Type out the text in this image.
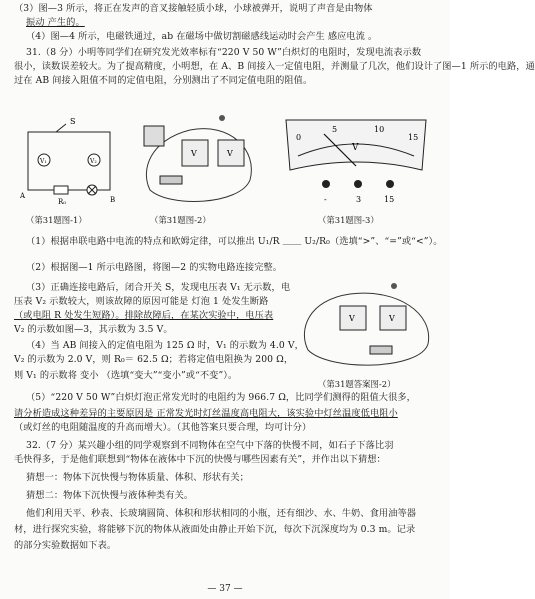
（3）图—3 所示，将正在发声的音叉接触轻质小球，小球被弹开，说明了声音是由物体
振动 产生的。
（4）图—4 所示，电磁铁通过，ab 在磁场中做切割磁感线运动时会产生 感应电流 。
31.（8 分）小明等同学们在研究发光效率标有“220 V 50 W”白炽灯的电阻时，发现电流表示数
很小，读数误差较大。为了提高精度，小明想，在 A、B 间接入一定值电阻，并测量了几次，他们设计了图—1 所示的电路，通
过在 AB 间接入阻值不同的定值电阻，分别测出了不同定值电阻的阻值。
S
V₁	V₂
R₀
A	B
（第31题图-1）
V	V
（第31题图-2）
0
5	10
15
V
-	3	15
（第31题图-3）
（1）根据串联电路中电流的特点和欧姆定律，可以推出 U₁/R ＿＿ U₂/R₀（选填“>”、“=”或“<”）。
（2）根据图—1 所示电路图，将图—2 的实物电路连接完整。
（3）正确连接电路后，闭合开关 S，发现电压表 V₁ 无示数，电
压表 V₂ 示数较大，则该故障的原因可能是 灯泡 1 处发生断路
（或电阻 R 处发生短路）。排除故障后，在某次实验中，电压表
V₂ 的示数如图—3，其示数为 3.5 V。
（4）当 AB 间接入的定值电阻为 125 Ω 时，V₁ 的示数为 4.0 V，
V₂ 的示数为 2.0 V，则 R₀＝ 62.5 Ω；若将定值电阻换为 200 Ω，
则 V₁ 的示数将 变小 （选填“变大”“变小”或“不变”）。
V	V
（第31题答案图-2）
（5）“220 V 50 W”白炽灯泡正常发光时的电阻约为 966.7 Ω，比同学们测得的阻值大很多，
请分析造成这种差异的主要原因是 正常发光时灯丝温度高电阻大，该实验中灯丝温度低电阻小
（或灯丝的电阻随温度的升高而增大）。（其他答案只要合理，均可计分）
32.（7 分）某兴趣小组的同学观察到不同物体在空气中下落的快慢不同，如石子下落比羽
毛快得多，于是他们联想到“物体在液体中下沉的快慢与哪些因素有关”，并作出以下猜想：
猜想一：物体下沉快慢与物体质量、体积、形状有关；
猜想二：物体下沉快慢与液体种类有关。
他们利用天平、秒表、长玻璃圆筒、体积和形状相同的小瓶，还有细沙、水、牛奶、食用油等器
材，进行探究实验，将能够下沉的物体从液面处由静止开始下沉，每次下沉深度均为 0.3 m。记录
的部分实验数据如下表。
— 37 —
